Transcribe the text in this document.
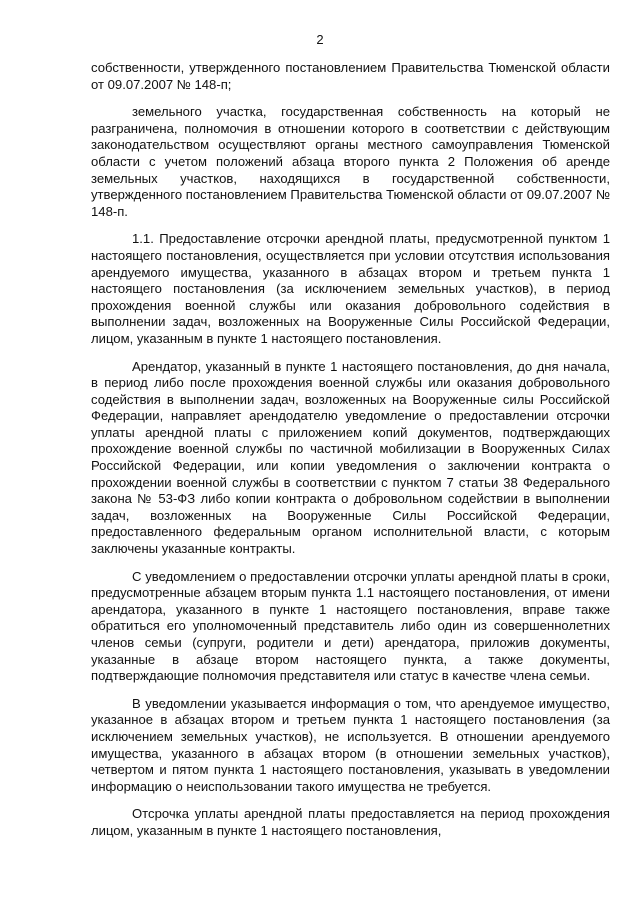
2

собственности, утвержденного постановлением Правительства Тюменской области от 09.07.2007 № 148-п;

земельного участка, государственная собственность на который не разграничена, полномочия в отношении которого в соответствии с действующим законодательством осуществляют органы местного самоуправления Тюменской области с учетом положений абзаца второго пункта 2 Положения об аренде земельных участков, находящихся в государственной собственности, утвержденного постановлением Правительства Тюменской области от 09.07.2007 № 148-п.

1.1. Предоставление отсрочки арендной платы, предусмотренной пунктом 1 настоящего постановления, осуществляется при условии отсутствия использования арендуемого имущества, указанного в абзацах втором и третьем пункта 1 настоящего постановления (за исключением земельных участков), в период прохождения военной службы или оказания добровольного содействия в выполнении задач, возложенных на Вооруженные Силы Российской Федерации, лицом, указанным в пункте 1 настоящего постановления.

Арендатор, указанный в пункте 1 настоящего постановления, до дня начала, в период либо после прохождения военной службы или оказания добровольного содействия в выполнении задач, возложенных на Вооруженные силы Российской Федерации, направляет арендодателю уведомление о предоставлении отсрочки уплаты арендной платы с приложением копий документов, подтверждающих прохождение военной службы по частичной мобилизации в Вооруженных Силах Российской Федерации, или копии уведомления о заключении контракта о прохождении военной службы в соответствии с пунктом 7 статьи 38 Федерального закона № 53-ФЗ либо копии контракта о добровольном содействии в выполнении задач, возложенных на Вооруженные Силы Российской Федерации, предоставленного федеральным органом исполнительной власти, с которым заключены указанные контракты.

С уведомлением о предоставлении отсрочки уплаты арендной платы в сроки, предусмотренные абзацем вторым пункта 1.1 настоящего постановления, от имени арендатора, указанного в пункте 1 настоящего постановления, вправе также обратиться его уполномоченный представитель либо один из совершеннолетних членов семьи (супруги, родители и дети) арендатора, приложив документы, указанные в абзаце втором настоящего пункта, а также документы, подтверждающие полномочия представителя или статус в качестве члена семьи.

В уведомлении указывается информация о том, что арендуемое имущество, указанное в абзацах втором и третьем пункта 1 настоящего постановления (за исключением земельных участков), не используется. В отношении арендуемого имущества, указанного в абзацах втором (в отношении земельных участков), четвертом и пятом пункта 1 настоящего постановления, указывать в уведомлении информацию о неиспользовании такого имущества не требуется.

Отсрочка уплаты арендной платы предоставляется на период прохождения лицом, указанным в пункте 1 настоящего постановления,
